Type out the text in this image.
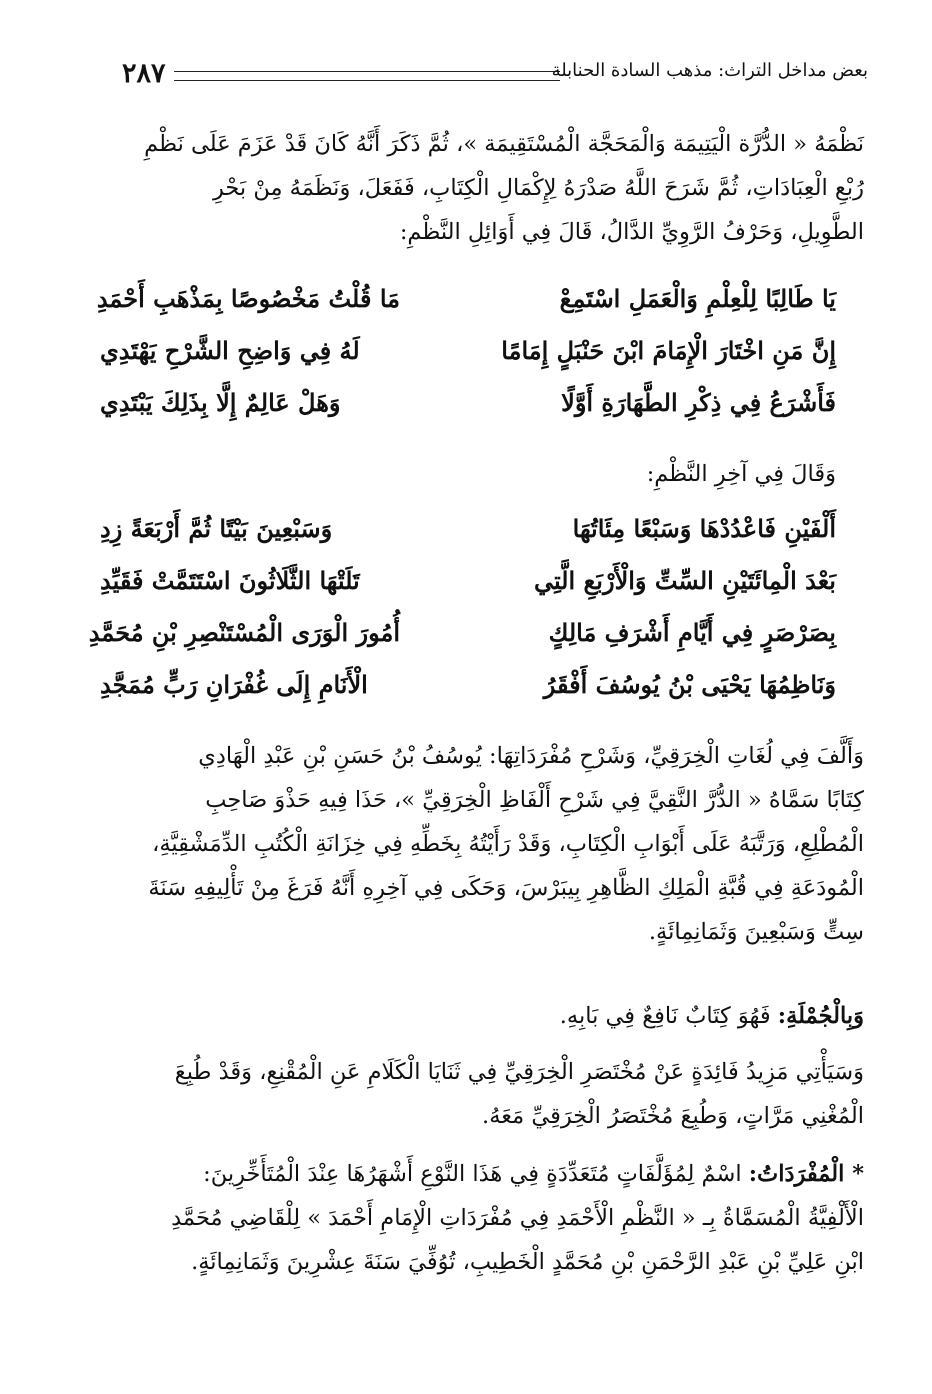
٢٨٧	بعض مداخل التراث: مذهب السادة الحنابلة
نَظْمَهُ « الدُّرَّة الْيَتِيمَة وَالْمَحَجَّة الْمُسْتَقِيمَة »، ثُمَّ ذَكَرَ أَنَّهُ كَانَ قَدْ عَزَمَ عَلَى نَظْمِ
رُبْعِ الْعِبَادَاتِ، ثُمَّ شَرَحَ اللَّهُ صَدْرَهُ لِإِكْمَالِ الْكِتَابِ، فَفَعَلَ، وَنَظَمَهُ مِنْ بَحْرِ
الطَّوِيلِ، وَحَرْفُ الرَّوِيِّ الدَّالُ، قَالَ فِي أَوَائِلِ النَّظْمِ:
يَا طَالِبًا لِلْعِلْمِ وَالْعَمَلِ اسْتَمِعْ
مَا قُلْتُ مَخْصُوصًا بِمَذْهَبِ أَحْمَدِ
إِنَّ مَنِ اخْتَارَ الْإِمَامَ ابْنَ حَنْبَلٍ إِمَامًا
لَهُ فِي وَاضِحِ الشَّرْحِ يَهْتَدِي
فَأَشْرَعُ فِي ذِكْرِ الطَّهَارَةِ أَوَّلًا
وَهَلْ عَالِمٌ إِلَّا بِذَلِكَ يَبْتَدِي
وَقَالَ فِي آخِرِ النَّظْمِ:
أَلْفَيْنِ فَاعْدُدْهَا وَسَبْعًا مِئَاتُهَا
وَسَبْعِينَ بَيْتًا ثُمَّ أَرْبَعَةً زِدِ
بَعْدَ الْمِائَتَيْنِ السِّتِّ وَالْأَرْبَعِ الَّتِي
تَلَتْهَا الثَّلَاثُونَ اسْتَتَمَّتْ فَقَيِّدِ
بِصَرْصَرٍ فِي أَيَّامِ أَشْرَفِ مَالِكٍ
أُمُورَ الْوَرَى الْمُسْتَنْصِرِ بْنِ مُحَمَّدِ
وَنَاظِمُهَا يَحْيَى بْنُ يُوسُفَ أَفْقَرُ
الْأَنَامِ إِلَى غُفْرَانِ رَبٍّ مُمَجَّدِ
وَأَلَّفَ فِي لُغَاتِ الْخِرَقِيِّ، وَشَرْحِ مُفْرَدَاتِهَا: يُوسُفُ بْنُ حَسَنِ بْنِ عَبْدِ الْهَادِي
كِتَابًا سَمَّاهُ « الدُّرَّ النَّقِيَّ فِي شَرْحِ أَلْفَاظِ الْخِرَقِيِّ »، حَذَا فِيهِ حَذْوَ صَاحِبِ
الْمُطْلِعِ، وَرَتَّبَهُ عَلَى أَبْوَابِ الْكِتَابِ، وَقَدْ رَأَيْتُهُ بِخَطِّهِ فِي خِزَانَةِ الْكُتُبِ الدِّمَشْقِيَّةِ،
الْمُودَعَةِ فِي قُبَّةِ الْمَلِكِ الظَّاهِرِ بِيبَرْسَ، وَحَكَى فِي آخِرِهِ أَنَّهُ فَرَغَ مِنْ تَأْلِيفِهِ سَنَةَ
سِتٍّ وَسَبْعِينَ وَثَمَانِمِائَةٍ.
وَبِالْجُمْلَةِ: فَهُوَ كِتَابٌ نَافِعٌ فِي بَابِهِ.
وَسَيَأْتِي مَزِيدُ فَائِدَةٍ عَنْ مُخْتَصَرِ الْخِرَقِيِّ فِي ثَنَايَا الْكَلَامِ عَنِ الْمُقْنِعِ، وَقَدْ طُبِعَ
الْمُغْنِي مَرَّاتٍ، وَطُبِعَ مُخْتَصَرُ الْخِرَقِيِّ مَعَهُ.
* الْمُفْرَدَاتُ: اسْمٌ لِمُؤَلَّفَاتٍ مُتَعَدِّدَةٍ فِي هَذَا النَّوْعِ أَشْهَرُهَا عِنْدَ الْمُتَأَخِّرِينَ:
الْأَلْفِيَّةُ الْمُسَمَّاةُ بِـ « النَّظْمِ الْأَحْمَدِ فِي مُفْرَدَاتِ الْإِمَامِ أَحْمَدَ » لِلْقَاضِي مُحَمَّدِ
ابْنِ عَلِيِّ بْنِ عَبْدِ الرَّحْمَنِ بْنِ مُحَمَّدٍ الْخَطِيبِ، تُوُفِّيَ سَنَةَ عِشْرِينَ وَثَمَانِمِائَةٍ.
